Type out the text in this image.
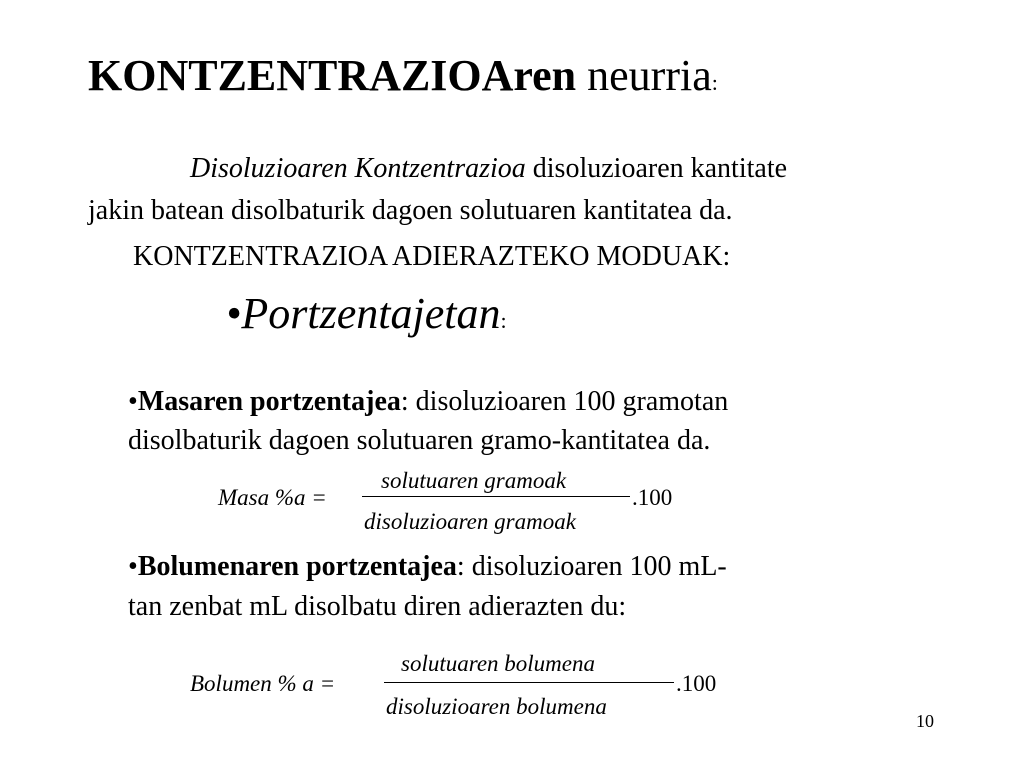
KONTZENTRAZIOAren neurria:
Disoluzioaren Kontzentrazioa disoluzioaren kantitate
jakin batean disolbaturik dagoen solutuaren kantitatea da.
KONTZENTRAZIOA ADIERAZTEKO MODUAK:
•Portzentajetan:
•Masaren portzentajea: disoluzioaren 100 gramotan
disolbaturik dagoen solutuaren gramo-kantitatea da.
Masa %a =
solutuaren gramoak
disoluzioaren gramoak
.100
•Bolumenaren portzentajea: disoluzioaren 100 mL-
tan zenbat mL disolbatu diren adierazten du:
Bolumen % a =
solutuaren bolumena
disoluzioaren bolumena
.100
10
